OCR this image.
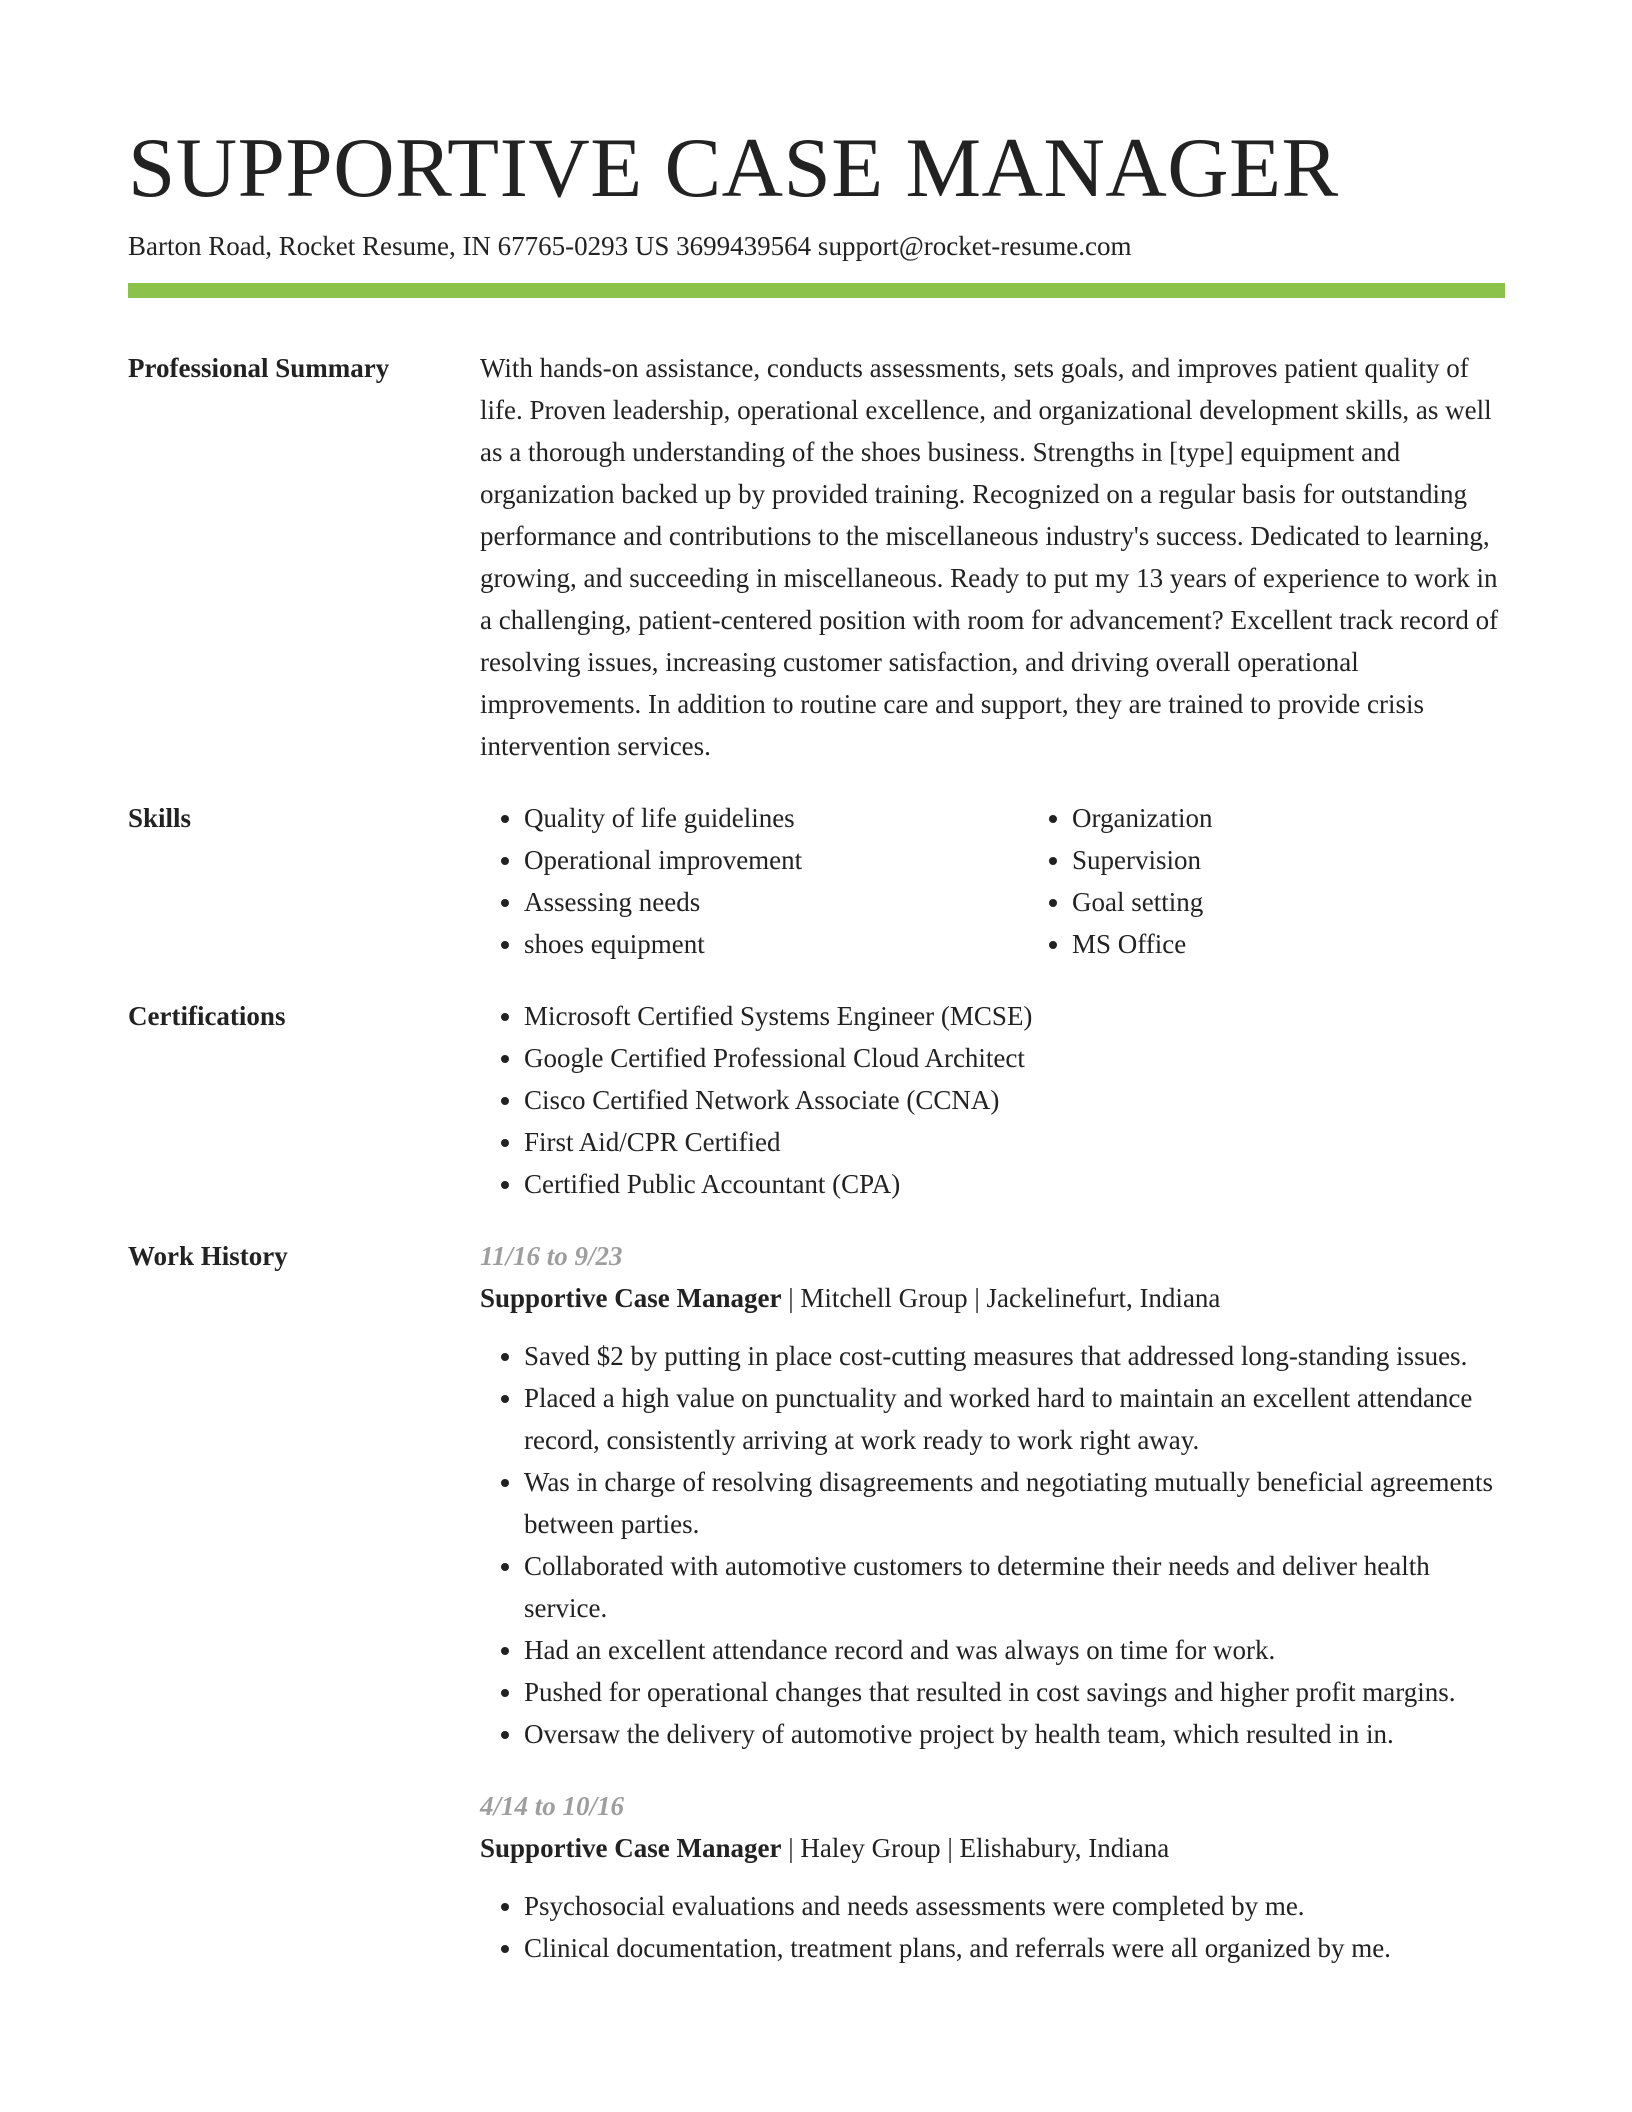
SUPPORTIVE CASE MANAGER
Barton Road, Rocket Resume, IN 67765-0293 US 3699439564 support@rocket-resume.com
Professional Summary	With hands-on assistance, conducts assessments, sets goals, and improves patient quality of life. Proven leadership, operational excellence, and organizational development skills, as well as a thorough understanding of the shoes business. Strengths in [type] equipment and organization backed up by provided training. Recognized on a regular basis for outstanding performance and contributions to the miscellaneous industry's success. Dedicated to learning, growing, and succeeding in miscellaneous. Ready to put my 13 years of experience to work in a challenging, patient-centered position with room for advancement? Excellent track record of resolving issues, increasing customer satisfaction, and driving overall operational improvements. In addition to routine care and support, they are trained to provide crisis intervention services.

Skills	• Quality of life guidelines
• Operational improvement
• Assessing needs
• shoes equipment
• Organization
• Supervision
• Goal setting
• MS Office
Certifications	• Microsoft Certified Systems Engineer (MCSE)
• Google Certified Professional Cloud Architect
• Cisco Certified Network Associate (CCNA)
• First Aid/CPR Certified
• Certified Public Accountant (CPA)
Work History	11/16 to 9/23
Supportive Case Manager | Mitchell Group | Jackelinefurt, Indiana
• Saved $2 by putting in place cost-cutting measures that addressed long-standing issues.
• Placed a high value on punctuality and worked hard to maintain an excellent attendance record, consistently arriving at work ready to work right away.
• Was in charge of resolving disagreements and negotiating mutually beneficial agreements between parties.
• Collaborated with automotive customers to determine their needs and deliver health service.
• Had an excellent attendance record and was always on time for work.
• Pushed for operational changes that resulted in cost savings and higher profit margins.
• Oversaw the delivery of automotive project by health team, which resulted in in.
4/14 to 10/16
Supportive Case Manager | Haley Group | Elishabury, Indiana
• Psychosocial evaluations and needs assessments were completed by me.
• Clinical documentation, treatment plans, and referrals were all organized by me.
